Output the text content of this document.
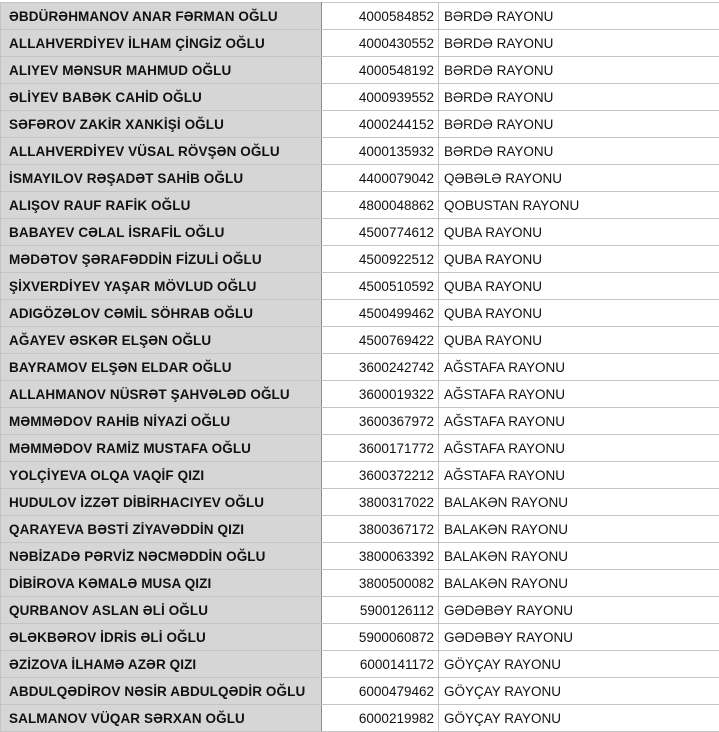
ƏBDÜRƏHMANOV ANAR FƏRMAN OĞLU	4000584852	BƏRDƏ RAYONU
ALLAHVERDİYEV İLHAM ÇİNGİZ OĞLU	4000430552	BƏRDƏ RAYONU
ALIYEV MƏNSUR MAHMUD OĞLU	4000548192	BƏRDƏ RAYONU
ƏLİYEV BABƏK CAHİD OĞLU	4000939552	BƏRDƏ RAYONU
SƏFƏROV ZAKİR XANKİŞİ OĞLU	4000244152	BƏRDƏ RAYONU
ALLAHVERDİYEV VÜSAL RÖVŞƏN OĞLU	4000135932	BƏRDƏ RAYONU
İSMAYILOV RƏŞADƏT SAHİB OĞLU	4400079042	QƏBƏLƏ RAYONU
ALIŞOV RAUF RAFİK OĞLU	4800048862	QOBUSTAN RAYONU
BABAYEV CƏLAL İSRAFİL OĞLU	4500774612	QUBA RAYONU
MƏDƏTOV ŞƏRAFƏDDİN FİZULİ OĞLU	4500922512	QUBA RAYONU
ŞİXVERDİYEV YAŞAR MÖVLUD OĞLU	4500510592	QUBA RAYONU
ADIGÖZƏLOV CƏMİL SÖHRAB OĞLU	4500499462	QUBA RAYONU
AĞAYEV ƏSKƏR ELŞƏN OĞLU	4500769422	QUBA RAYONU
BAYRAMOV ELŞƏN ELDAR OĞLU	3600242742	AĞSTAFA RAYONU
ALLAHMANOV NÜSRƏT ŞAHVƏLƏD OĞLU	3600019322	AĞSTAFA RAYONU
MƏMMƏDOV RAHİB NİYAZİ OĞLU	3600367972	AĞSTAFA RAYONU
MƏMMƏDOV RAMİZ MUSTAFA OĞLU	3600171772	AĞSTAFA RAYONU
YOLÇİYEVA OLQA VAQİF QIZI	3600372212	AĞSTAFA RAYONU
HUDULOV İZZƏT DİBİRHACIYEV OĞLU	3800317022	BALAKƏN RAYONU
QARAYEVA BƏSTİ ZİYAVƏDDİN QIZI	3800367172	BALAKƏN RAYONU
NƏBİZADƏ PƏRVİZ NƏCMƏDDİN OĞLU	3800063392	BALAKƏN RAYONU
DİBİROVA KƏMALƏ MUSA QIZI	3800500082	BALAKƏN RAYONU
QURBANOV ASLAN ƏLİ OĞLU	5900126112	GƏDƏBƏY RAYONU
ƏLƏKBƏROV İDRİS ƏLİ OĞLU	5900060872	GƏDƏBƏY RAYONU
ƏZİZOVA İLHAMƏ AZƏR QIZI	6000141172	GÖYÇAY RAYONU
ABDULQƏDİROV NƏSİR ABDULQƏDİR OĞLU	6000479462	GÖYÇAY RAYONU
SALMANOV VÜQAR SƏRXAN OĞLU	6000219982	GÖYÇAY RAYONU
